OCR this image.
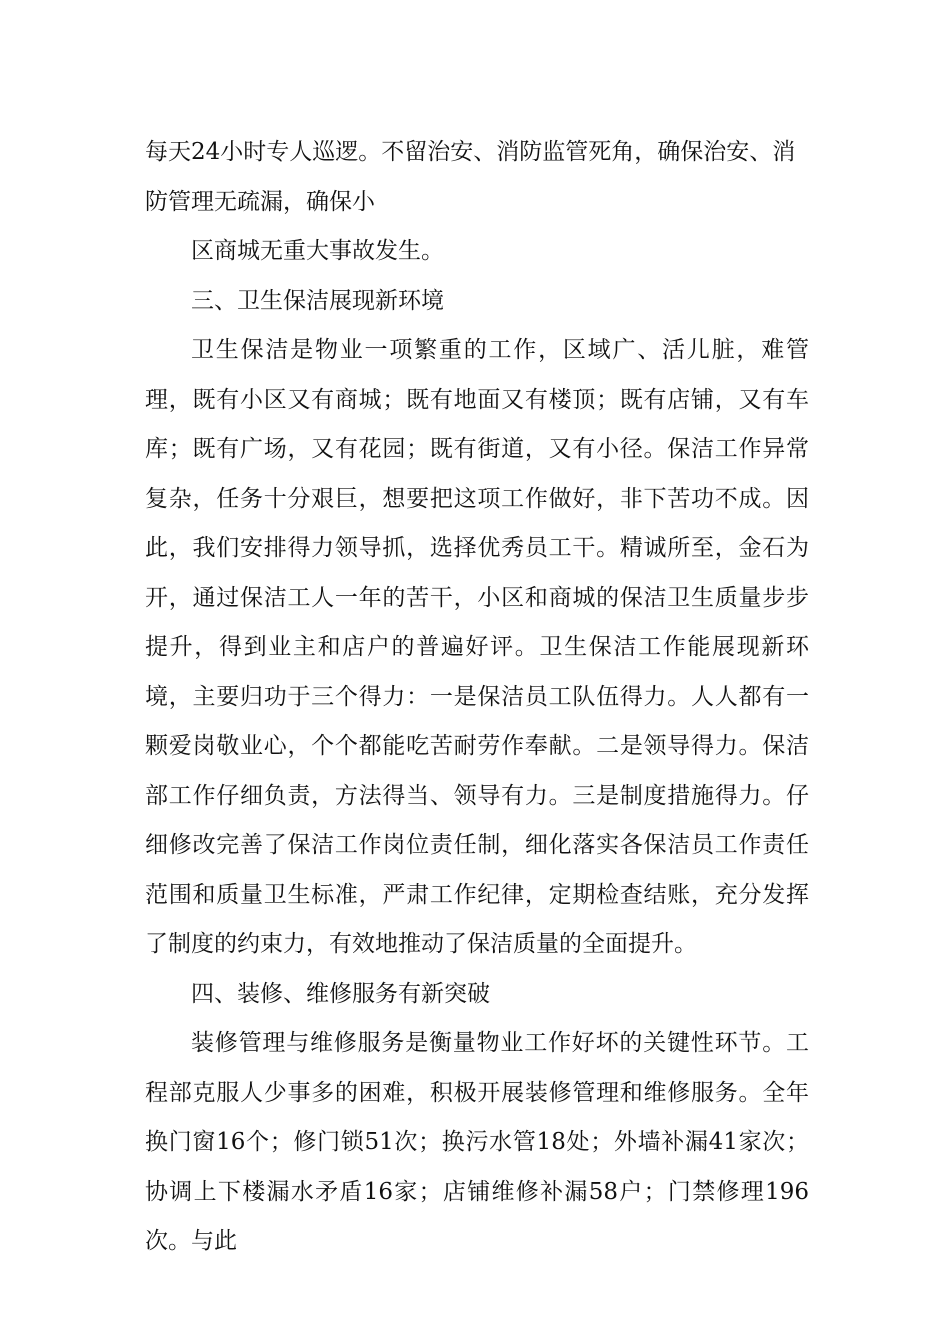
每天24小时专人巡逻。不留治安、消防监管死角，确保治安、消防管理无疏漏，确保小

区商城无重大事故发生。

三、卫生保洁展现新环境

卫生保洁是物业一项繁重的工作，区域广、活儿脏，难管理，既有小区又有商城；既有地面又有楼顶；既有店铺，又有车库；既有广场，又有花园；既有街道，又有小径。保洁工作异常复杂，任务十分艰巨，想要把这项工作做好，非下苦功不成。因此，我们安排得力领导抓，选择优秀员工干。精诚所至，金石为开，通过保洁工人一年的苦干，小区和商城的保洁卫生质量步步提升，得到业主和店户的普遍好评。卫生保洁工作能展现新环境，主要归功于三个得力：一是保洁员工队伍得力。人人都有一颗爱岗敬业心，个个都能吃苦耐劳作奉献。二是领导得力。保洁部工作仔细负责，方法得当、领导有力。三是制度措施得力。仔细修改完善了保洁工作岗位责任制，细化落实各保洁员工作责任范围和质量卫生标准，严肃工作纪律，定期检查结账，充分发挥了制度的约束力，有效地推动了保洁质量的全面提升。

四、装修、维修服务有新突破

装修管理与维修服务是衡量物业工作好坏的关键性环节。工程部克服人少事多的困难，积极开展装修管理和维修服务。全年换门窗16个；修门锁51次；换污水管18处；外墙补漏41家次；协调上下楼漏水矛盾16家；店铺维修补漏58户；门禁修理196次。与此
